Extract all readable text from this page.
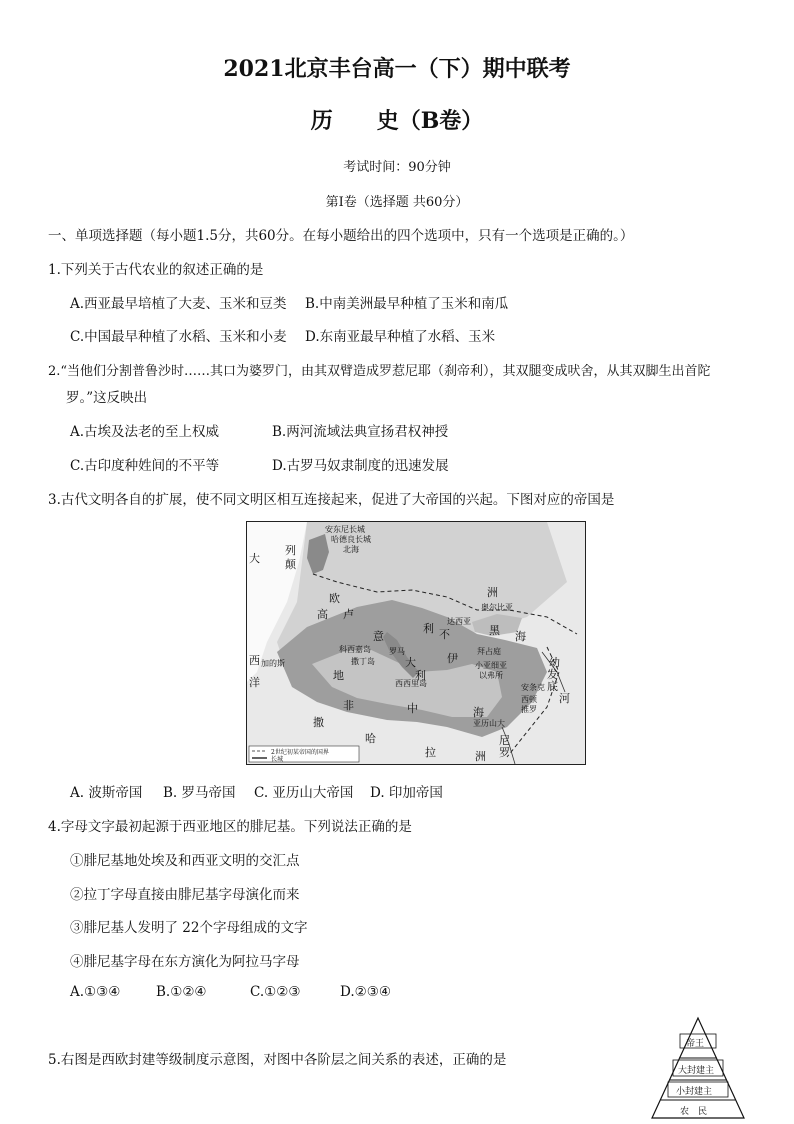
2021北京丰台高一（下）期中联考
历　　史（B卷）
考试时间：90分钟
第Ⅰ卷（选择题 共60分）
一、单项选择题（每小题1.5分，共60分。在每小题给出的四个选项中，只有一个选项是正确的。）
1.下列关于古代农业的叙述正确的是
A.西亚最早培植了大麦、玉米和豆类 B.中南美洲最早种植了玉米和南瓜
C.中国最早种植了水稻、玉米和小麦 D.东南亚最早种植了水稻、玉米
2.“当他们分割普鲁沙时……其口为婆罗门，由其双臂造成罗惹尼耶（刹帝利），其双腿变成吠舍，从其双脚生出首陀
罗。”这反映出
A.古埃及法老的至上权威	B.两河流域法典宣扬君权神授
C.古印度种姓间的不平等	D.古罗马奴隶制度的迅速发展
3.古代文明各自的扩展，使不同文明区相互连接起来，促进了大帝国的兴起。下图对应的帝国是
大
西
洋
欧
高 卢
洲
地
中	海
非
撒
哈
拉	洲
黑 海
幼
发
底
河
利 不
列
颠
安东尼长城
哈德良长城
北海
达西亚
奥尔比亚
科西嘉岛
撒丁岛
罗马
意
大
利
加的斯
西西里岛
伊
拜占庭
小亚细亚
以弗所
安条克
西顿
推罗
亚历山大
尼
罗
2世纪初某帝国的国界
长城
A. 波斯帝国 B. 罗马帝国 C. 亚历山大帝国 D. 印加帝国
4.字母文字最初起源于西亚地区的腓尼基。下列说法正确的是
①腓尼基地处埃及和西亚文明的交汇点
②拉丁字母直接由腓尼基字母演化而来
③腓尼基人发明了 22个字母组成的文字
④腓尼基字母在东方演化为阿拉马字母
A.①③④	B.①②④	C.①②③	D.②③④
5.右图是西欧封建等级制度示意图，对图中各阶层之间关系的表述，正确的是
帝王
大封建主
小封建主
农　民
